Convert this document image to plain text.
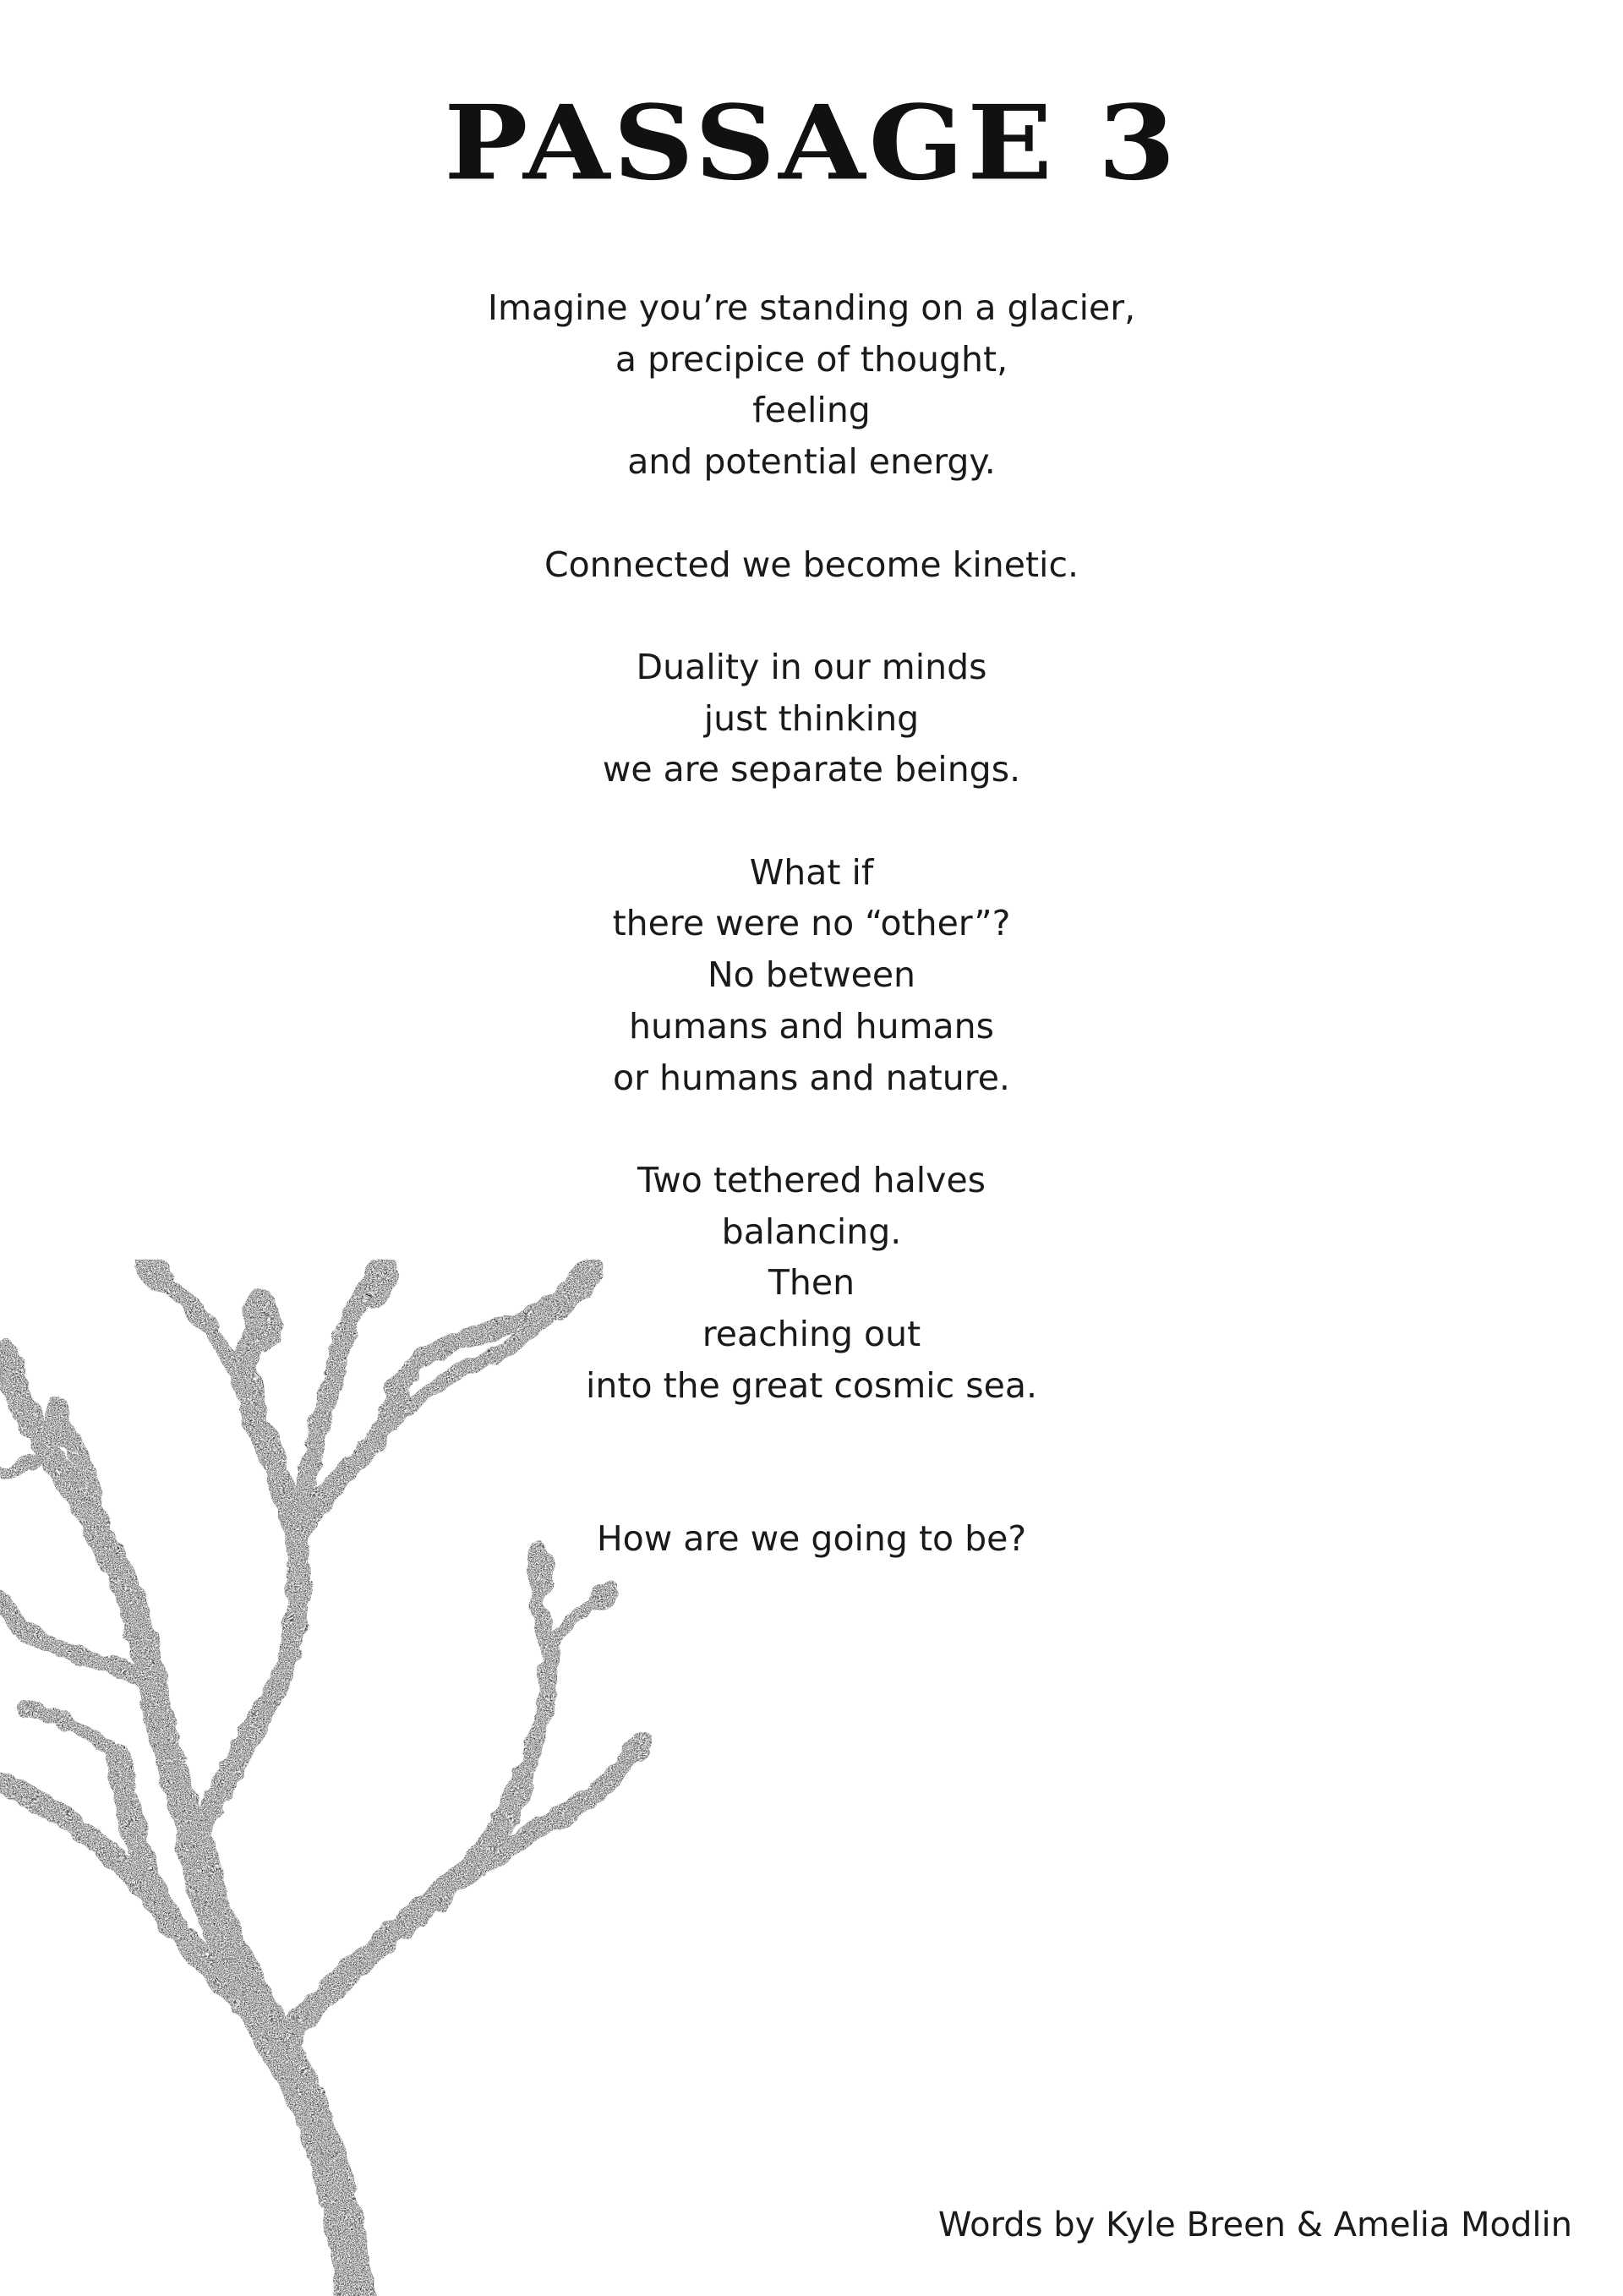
PASSAGE 3
Imagine you’re standing on a glacier,
a precipice of thought,
feeling
and potential energy.
Connected we become kinetic.
Duality in our minds
just thinking
we are separate beings.
What if
there were no “other”?
No between
humans and humans
or humans and nature.
Two tethered halves
balancing.
Then
reaching out
into the great cosmic sea.
How are we going to be?
Words by Kyle Breen & Amelia Modlin
